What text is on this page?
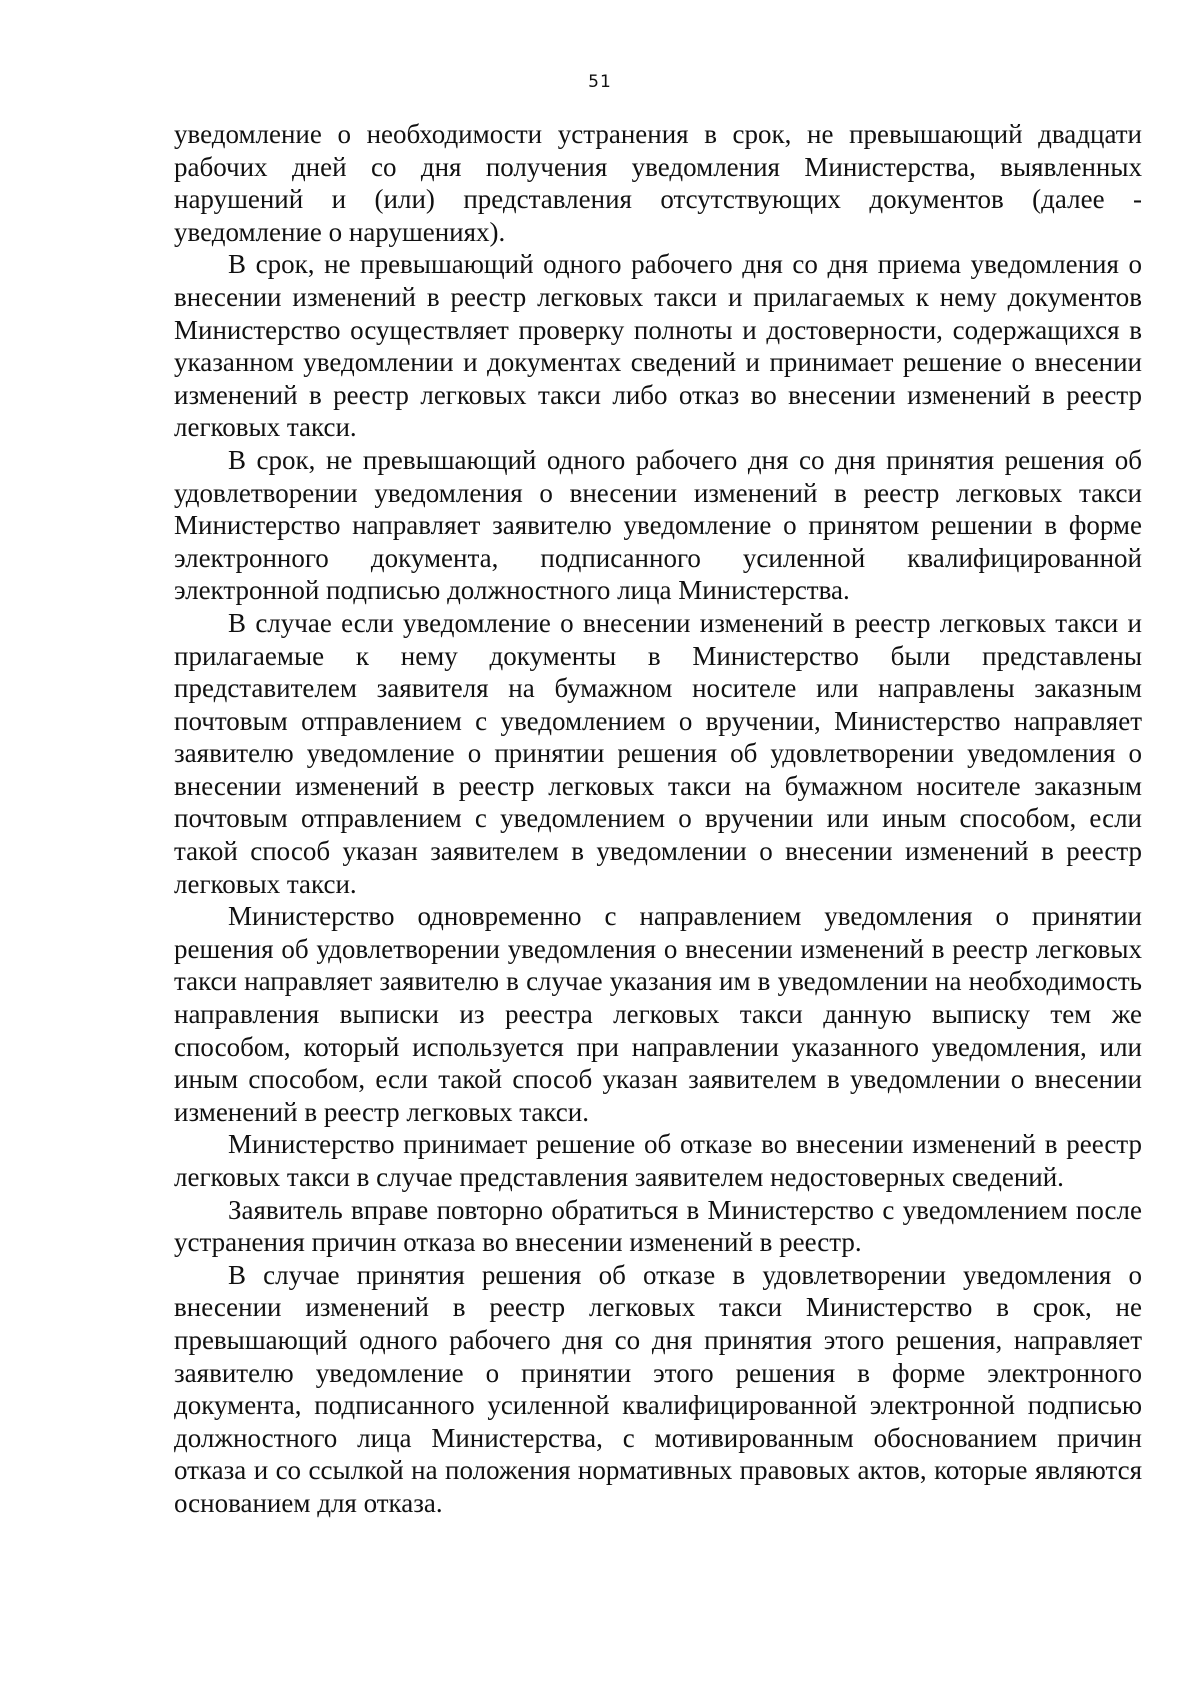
51

уведомление о необходимости устранения в срок, не превышающий двадцати рабочих дней со дня получения уведомления Министерства, выявленных нарушений и (или) представления отсутствующих документов (далее - уведомление о нарушениях).

В срок, не превышающий одного рабочего дня со дня приема уведомления о внесении изменений в реестр легковых такси и прилагаемых к нему документов Министерство осуществляет проверку полноты и достоверности, содержащихся в указанном уведомлении и документах сведений и принимает решение о внесении изменений в реестр легковых такси либо отказ во внесении изменений в реестр легковых такси.

В срок, не превышающий одного рабочего дня со дня принятия решения об удовлетворении уведомления о внесении изменений в реестр легковых такси Министерство направляет заявителю уведомление о принятом решении в форме электронного документа, подписанного усиленной квалифицированной электронной подписью должностного лица Министерства.

В случае если уведомление о внесении изменений в реестр легковых такси и прилагаемые к нему документы в Министерство были представлены представителем заявителя на бумажном носителе или направлены заказным почтовым отправлением с уведомлением о вручении, Министерство направляет заявителю уведомление о принятии решения об удовлетворении уведомления о внесении изменений в реестр легковых такси на бумажном носителе заказным почтовым отправлением с уведомлением о вручении или иным способом, если такой способ указан заявителем в уведомлении о внесении изменений в реестр легковых такси.

Министерство одновременно с направлением уведомления о принятии решения об удовлетворении уведомления о внесении изменений в реестр легковых такси направляет заявителю в случае указания им в уведомлении на необходимость направления выписки из реестра легковых такси данную выписку тем же способом, который используется при направлении указанного уведомления, или иным способом, если такой способ указан заявителем в уведомлении о внесении изменений в реестр легковых такси.

Министерство принимает решение об отказе во внесении изменений в реестр легковых такси в случае представления заявителем недостоверных сведений.

Заявитель вправе повторно обратиться в Министерство с уведомлением после устранения причин отказа во внесении изменений в реестр.

В случае принятия решения об отказе в удовлетворении уведомления о внесении изменений в реестр легковых такси Министерство в срок, не превышающий одного рабочего дня со дня принятия этого решения, направляет заявителю уведомление о принятии этого решения в форме электронного документа, подписанного усиленной квалифицированной электронной подписью должностного лица Министерства, с мотивированным обоснованием причин отказа и со ссылкой на положения нормативных правовых актов, которые являются основанием для отказа.
